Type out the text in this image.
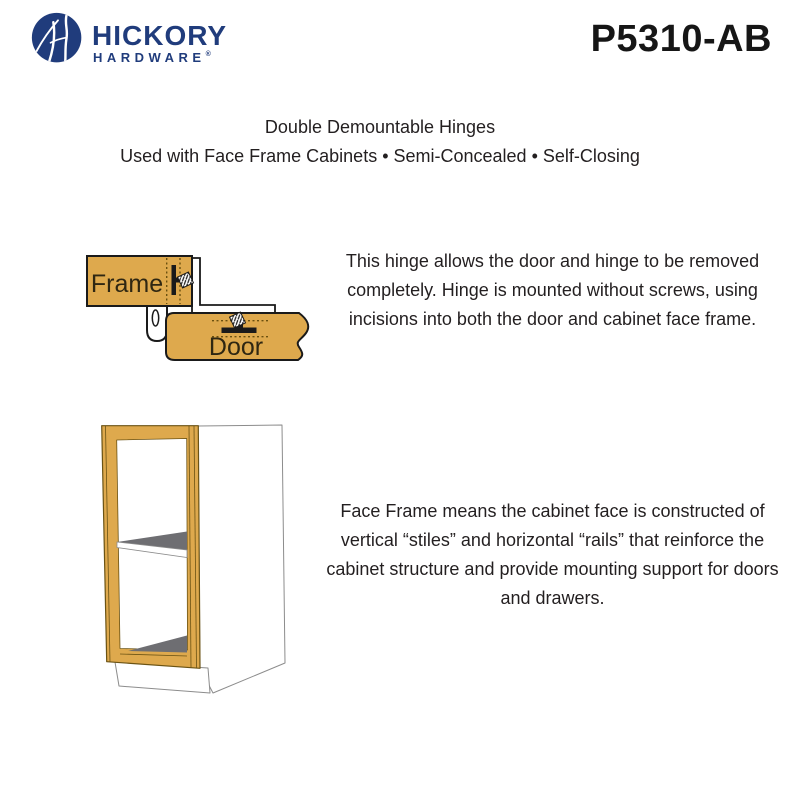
HICKORY
HARDWARE®	P5310-AB

Double Demountable Hinges

Used with Face Frame Cabinets • Semi-Concealed • Self-Closing

Frame
Door
This hinge allows the door and hinge to be removed completely. Hinge is mounted without screws, using incisions into both the door and cabinet face frame.
Face Frame means the cabinet face is constructed of vertical “stiles” and horizontal “rails” that reinforce the cabinet structure and provide mounting support for doors and drawers.
